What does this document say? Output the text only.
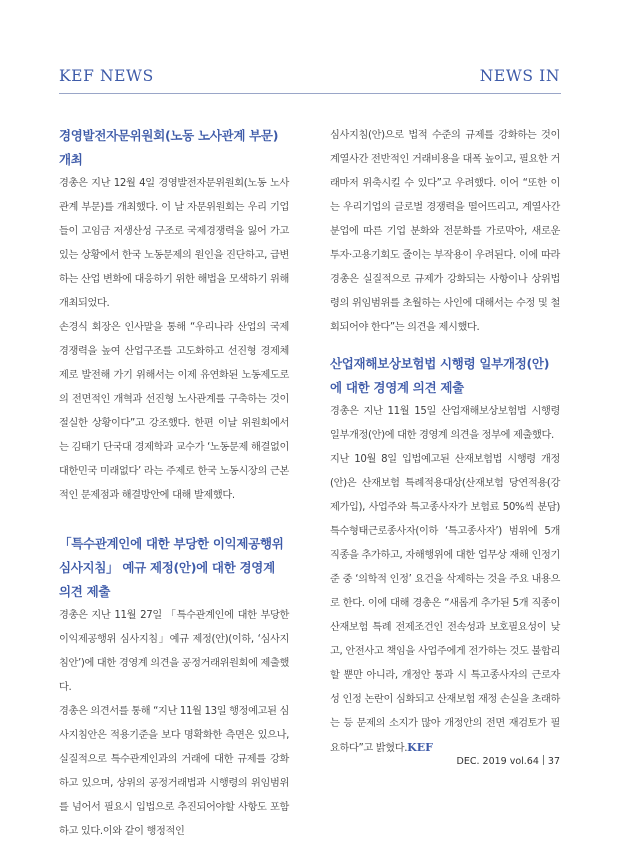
KEF NEWS	NEWS IN
경영발전자문위원회(노동 노사관계 부문) 개최

경총은 지난 12월 4일 경영발전자문위원회(노동 노사관계 부문)를 개최했다. 이 날 자문위원회는 우리 기업들이 고임금 저생산성 구조로 국제경쟁력을 잃어 가고 있는 상황에서 한국 노동문제의 원인을 진단하고, 급변하는 산업 변화에 대응하기 위한 해법을 모색하기 위해 개최되었다.

손경식 회장은 인사말을 통해 “우리나라 산업의 국제경쟁력을 높여 산업구조를 고도화하고 선진형 경제체제로 발전해 가기 위해서는 이제 유연화된 노동제도로의 전면적인 개혁과 선진형 노사관계를 구축하는 것이 절실한 상황이다”고 강조했다. 한편 이날 위원회에서는 김태기 단국대 경제학과 교수가 ‘노동문제 해결없이 대한민국 미래없다’ 라는 주제로 한국 노동시장의 근본적인 문제점과 해결방안에 대해 발제했다.

「특수관계인에 대한 부당한 이익제공행위 심사지침」 예규 제정(안)에 대한 경영계 의견 제출

경총은 지난 11월 27일 「특수관계인에 대한 부당한 이익제공행위 심사지침」예규 제정(안)(이하, ‘심사지침안’)에 대한 경영계 의견을 공정거래위원회에 제출했다.

경총은 의견서를 통해 “지난 11월 13일 행정예고된 심사지침안은 적용기준을 보다 명확화한 측면은 있으나, 실질적으로 특수관계인과의 거래에 대한 규제를 강화하고 있으며, 상위의 공정거래법과 시행령의 위임범위를 넘어서 필요시 입법으로 추진되어야할 사항도 포함하고 있다.이와 같이 행정적인

심사지침(안)으로 법적 수준의 규제를 강화하는 것이 계열사간 전반적인 거래비용을 대폭 높이고, 필요한 거래마저 위축시킬 수 있다”고 우려했다. 이어 “또한 이는 우리기업의 글로벌 경쟁력을 떨어뜨리고, 계열사간 분업에 따른 기업 분화와 전문화를 가로막아, 새로운 투자·고용기회도 줄이는 부작용이 우려된다. 이에 따라 경총은 실질적으로 규제가 강화되는 사항이나 상위법령의 위임범위를 초월하는 사인에 대해서는 수정 및 철회되어야 한다”는 의견을 제시했다.

산업재해보상보험법 시행령 일부개정(안) 에 대한 경영계 의견 제출

경총은 지난 11월 15일 산업재해보상보험법 시행령 일부개정(안)에 대한 경영계 의견을 정부에 제출했다.

지난 10월 8일 입법예고된 산재보험법 시행령 개정(안)은 산재보험 특례적용대상(산재보험 당연적용(강제가입), 사업주와 특고종사자가 보험료 50%씩 분담) 특수형태근로종사자(이하 ‘특고종사자’) 범위에 5개 직종을 추가하고, 자해행위에 대한 업무상 재해 인정기준 중 ‘의학적 인정’ 요건을 삭제하는 것을 주요 내용으로 한다. 이에 대해 경총은 “새롭게 추가된 5개 직종이 산재보험 특례 전제조건인 전속성과 보호필요성이 낮고, 안전사고 책임을 사업주에게 전가하는 것도 불합리할 뿐만 아니라, 개정안 통과 시 특고종사자의 근로자성 인정 논란이 심화되고 산재보험 재정 손실을 초래하는 등 문제의 소지가 많아 개정안의 전면 재검토가 필요하다”고 밝혔다.KEF

DEC. 2019 vol.64 37
